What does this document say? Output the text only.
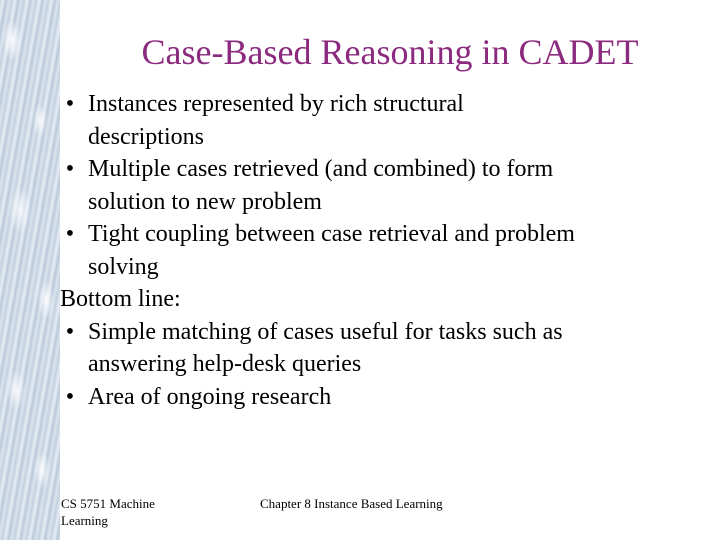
Case-Based Reasoning in CADET
• Instances represented by rich structural
descriptions
• Multiple cases retrieved (and combined) to form
solution to new problem
• Tight coupling between case retrieval and problem
solving
Bottom line:
• Simple matching of cases useful for tasks such as
answering help-desk queries
• Area of ongoing research
CS 5751 Machine
Learning
Chapter 8 Instance Based Learning
